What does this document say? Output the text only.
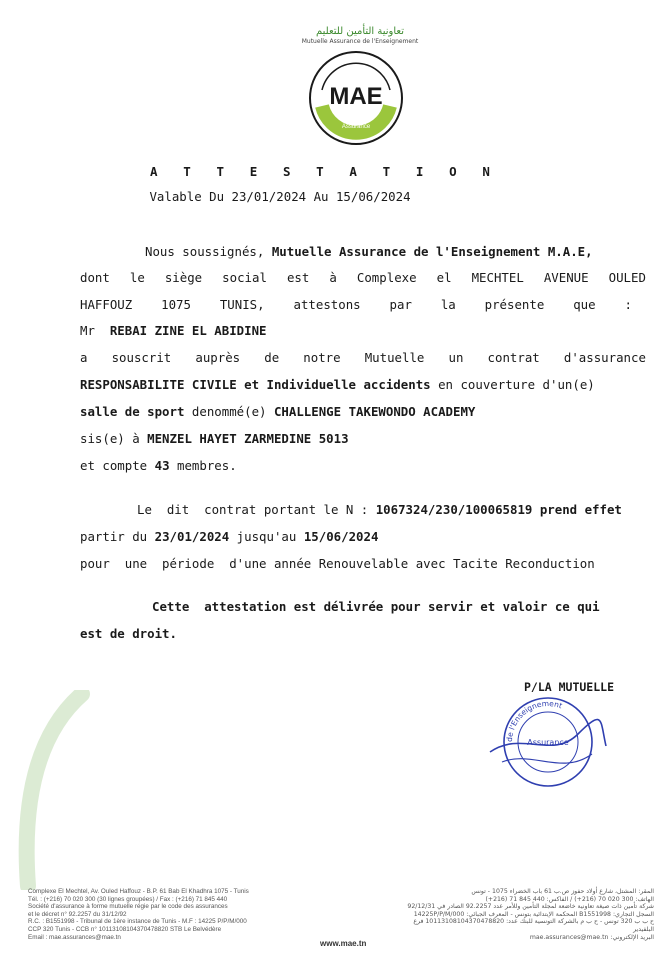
تعاونية التأمين للتعليم
Mutuelle Assurance de l'Enseignement
MAE
Assurance
A T T E S T A T I O N
Valable Du 23/01/2024 Au 15/06/2024
Nous soussignés, Mutuelle Assurance de l'Enseignement M.A.E,
dont le siège social est à Complexe el MECHTEL AVENUE OULED
HAFFOUZ 1075 TUNIS, attestons par la présente que :
Mr  REBAI ZINE EL ABIDINE
a souscrit auprès de notre Mutuelle un contrat d'assurance
RESPONSABILITE CIVILE et Individuelle accidents en couverture d'un(e)
salle de sport denommé(e) CHALLENGE TAKEWONDO ACADEMY
sis(e) à MENZEL HAYET ZARMEDINE 5013
et compte 43 membres.
Le  dit  contrat portant le N : 1067324/230/100065819 prend effet
partir du 23/01/2024 jusqu'au 15/06/2024
pour  une  période  d'une année Renouvelable avec Tacite Reconduction
Cette  attestation est délivrée pour servir et valoir ce qui
est de droit.
P/LA MUTUELLE
de l'Enseignement
Assurance
Complexe El Mechtel, Av. Ouled Haffouz - B.P. 61 Bab El Khadhra 1075 - Tunis
Tél. : (+216) 70 020 300 (30 lignes groupées) / Fax : (+216) 71 845 440
Société d'assurance à forme mutuelle régie par le code des assurances
et le décret n° 92.2257 du 31/12/92
R.C. : B1551998 - Tribunal de 1ère instance de Tunis - M.F : 14225 P/P/M/000
CCP 320 Tunis - CCB n° 10113108104370478820 STB Le Belvédère
Email : mae.assurances@mae.tn
www.mae.tn
المقر: المشتل، شارع أولاد حفوز ص.ب 61 باب الخضراء 1075 - تونس
الهاتف: 300 020 70 (216+) / الفاكس: 440 845 71 (216+)
شركة تأمين ذات صيغة تعاونية خاضعة لمجلة التأمين وللأمر عدد 92.2257 الصادر في 92/12/31
السجل التجاري: B1551998 المحكمة الإبتدائية بتونس - المعرف الجبائي: 14225P/P/M/000
ح ب ب 320 تونس - ح ب م بالشركة التونسية للبنك عدد: 10113108104370478820 فرع البلفيدير
البريد الإلكتروني: mae.assurances@mae.tn
